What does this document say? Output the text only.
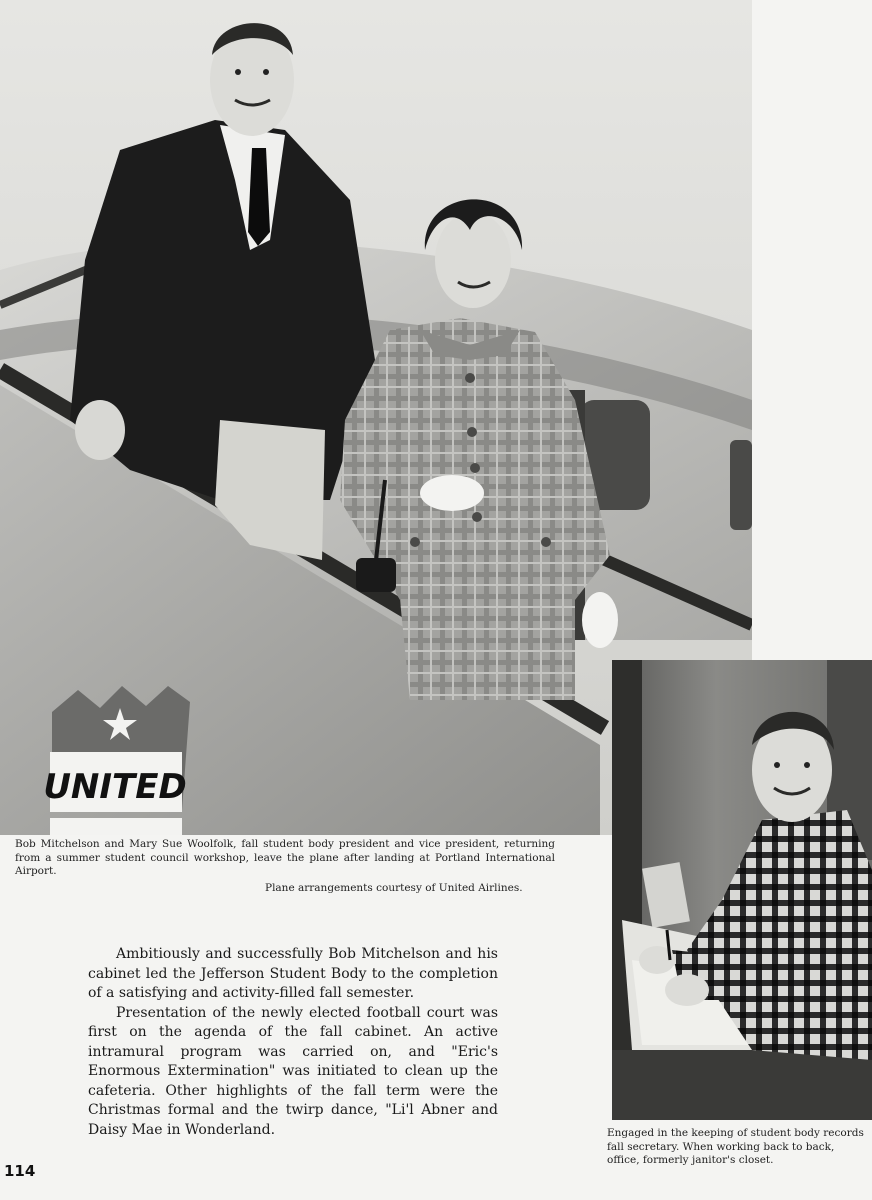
UNITED
Bob Mitchelson and Mary Sue Woolfolk, fall student body president and vice president, returning from a summer student council workshop, leave the plane after landing at Portland International Airport.
Plane arrangements courtesy of United Airlines.

Ambitiously and successfully Bob Mitchelson and his cabinet led the Jefferson Student Body to the completion of a satisfying and activity-filled fall semester.

Presentation of the newly elected football court was first on the agenda of the fall cabinet. An active intramural program was carried on, and "Eric's Enormous Extermination" was initiated to clean up the cafeteria. Other highlights of the fall term were the Christmas formal and the twirp dance, "Li'l Abner and Daisy Mae in Wonderland.	Engaged in the keeping of student body records fall secretary. When working back to back, office, formerly janitor's closet.
114
